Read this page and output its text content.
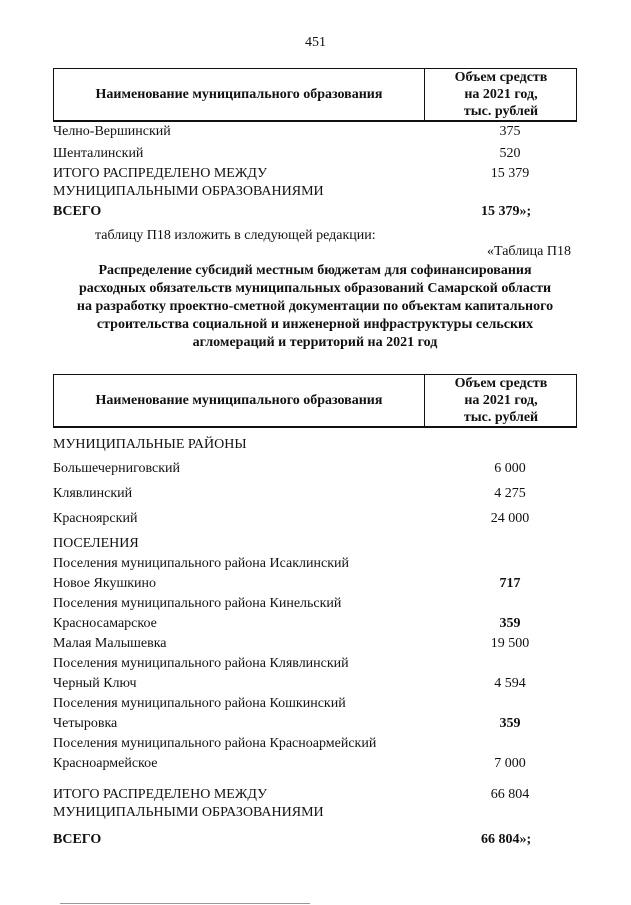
451
Наименование муниципального образования
Объем средств
на 2021 год,
тыс. рублей
Челно-Вершинский	375
Шенталинский	520
ИТОГО РАСПРЕДЕЛЕНО МЕЖДУ	15 379
МУНИЦИПАЛЬНЫМИ ОБРАЗОВАНИЯМИ
ВСЕГО	15 379»;
таблицу П18 изложить в следующей редакции:
«Таблица П18
Распределение субсидий местным бюджетам для софинансирования
расходных обязательств муниципальных образований Самарской области
на разработку проектно-сметной документации по объектам капитального
строительства социальной и инженерной инфраструктуры сельских
агломераций и территорий на 2021 год
Наименование муниципального образования
Объем средств
на 2021 год,
тыс. рублей
МУНИЦИПАЛЬНЫЕ РАЙОНЫ
Большечерниговский	6 000
Клявлинский	4 275
Красноярский	24 000
ПОСЕЛЕНИЯ
Поселения муниципального района Исаклинский
Новое Якушкино	717
Поселения муниципального района Кинельский
Красносамарское	359
Малая Малышевка	19 500
Поселения муниципального района Клявлинский
Черный Ключ	4 594
Поселения муниципального района Кошкинский
Четыровка	359
Поселения муниципального района Красноармейский
Красноармейское	7 000
ИТОГО РАСПРЕДЕЛЕНО МЕЖДУ	66 804
МУНИЦИПАЛЬНЫМИ ОБРАЗОВАНИЯМИ
ВСЕГО	66 804»;
